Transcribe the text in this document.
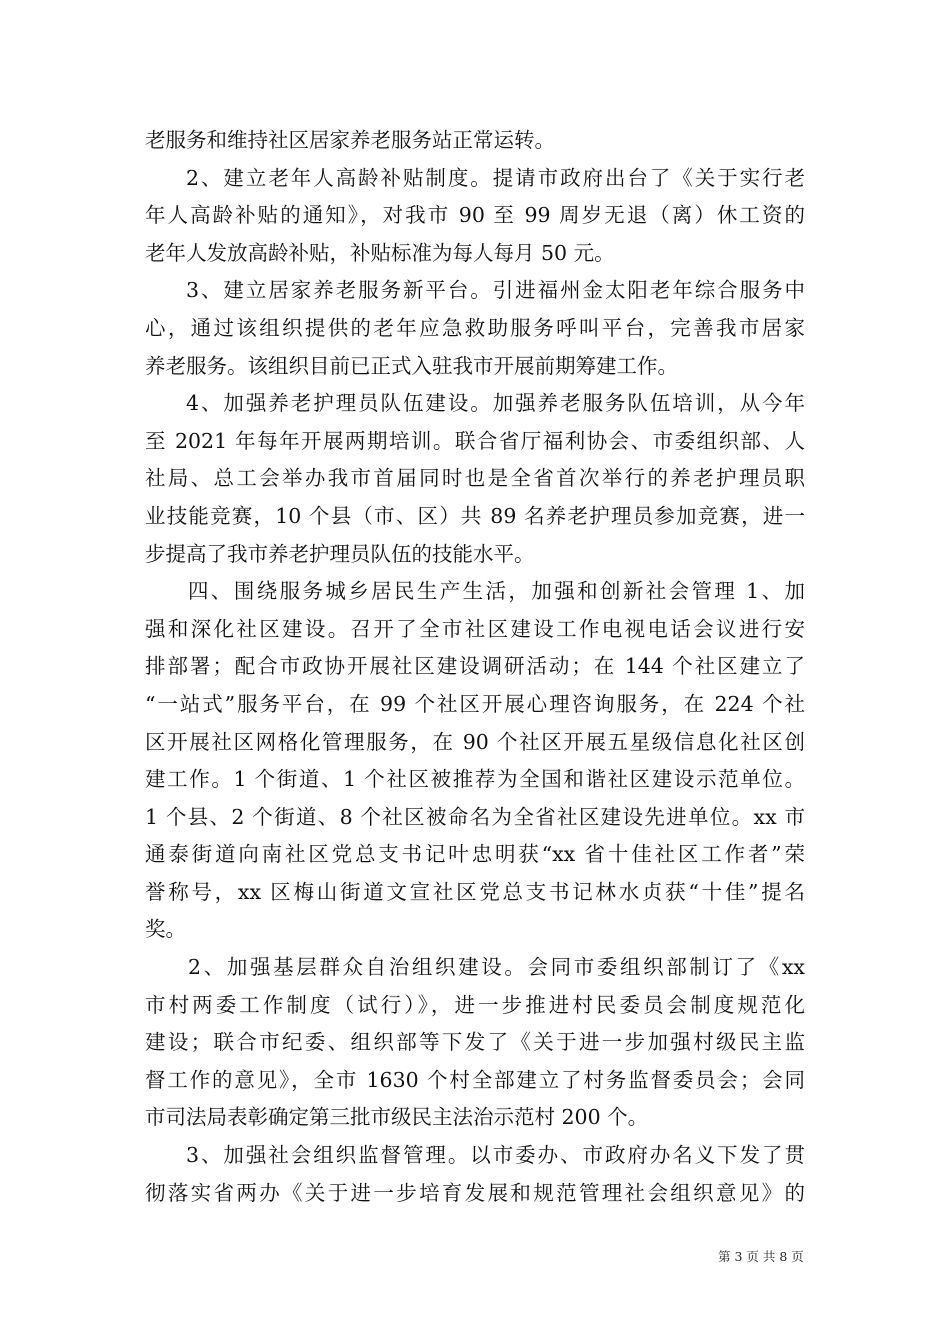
老服务和维持社区居家养老服务站正常运转。
2、建立老年人高龄补贴制度。提请市政府出台了《关于实行老
年人高龄补贴的通知》，对我市 90 至 99 周岁无退（离）休工资的
老年人发放高龄补贴，补贴标准为每人每月 50 元。
3、建立居家养老服务新平台。引进福州金太阳老年综合服务中
心，通过该组织提供的老年应急救助服务呼叫平台，完善我市居家
养老服务。该组织目前已正式入驻我市开展前期筹建工作。
4、加强养老护理员队伍建设。加强养老服务队伍培训，从今年
至 2021 年每年开展两期培训。联合省厅福利协会、市委组织部、人
社局、总工会举办我市首届同时也是全省首次举行的养老护理员职
业技能竞赛，10 个县（市、区）共 89 名养老护理员参加竞赛，进一
步提高了我市养老护理员队伍的技能水平。
四、围绕服务城乡居民生产生活，加强和创新社会管理 1、加
强和深化社区建设。召开了全市社区建设工作电视电话会议进行安
排部署；配合市政协开展社区建设调研活动；在 144 个社区建立了
“一站式”服务平台，在 99 个社区开展心理咨询服务，在 224 个社
区开展社区网格化管理服务，在 90 个社区开展五星级信息化社区创
建工作。1 个街道、1 个社区被推荐为全国和谐社区建设示范单位。
1 个县、2 个街道、8 个社区被命名为全省社区建设先进单位。xx 市
通泰街道向南社区党总支书记叶忠明获“xx 省十佳社区工作者”荣
誉称号，xx 区梅山街道文宣社区党总支书记林水贞获“十佳”提名
奖。
2、加强基层群众自治组织建设。会同市委组织部制订了《xx
市村两委工作制度（试行）》，进一步推进村民委员会制度规范化
建设；联合市纪委、组织部等下发了《关于进一步加强村级民主监
督工作的意见》，全市 1630 个村全部建立了村务监督委员会；会同
市司法局表彰确定第三批市级民主法治示范村 200 个。
3、加强社会组织监督管理。以市委办、市政府办名义下发了贯
彻落实省两办《关于进一步培育发展和规范管理社会组织意见》的
第 3 页 共 8 页
